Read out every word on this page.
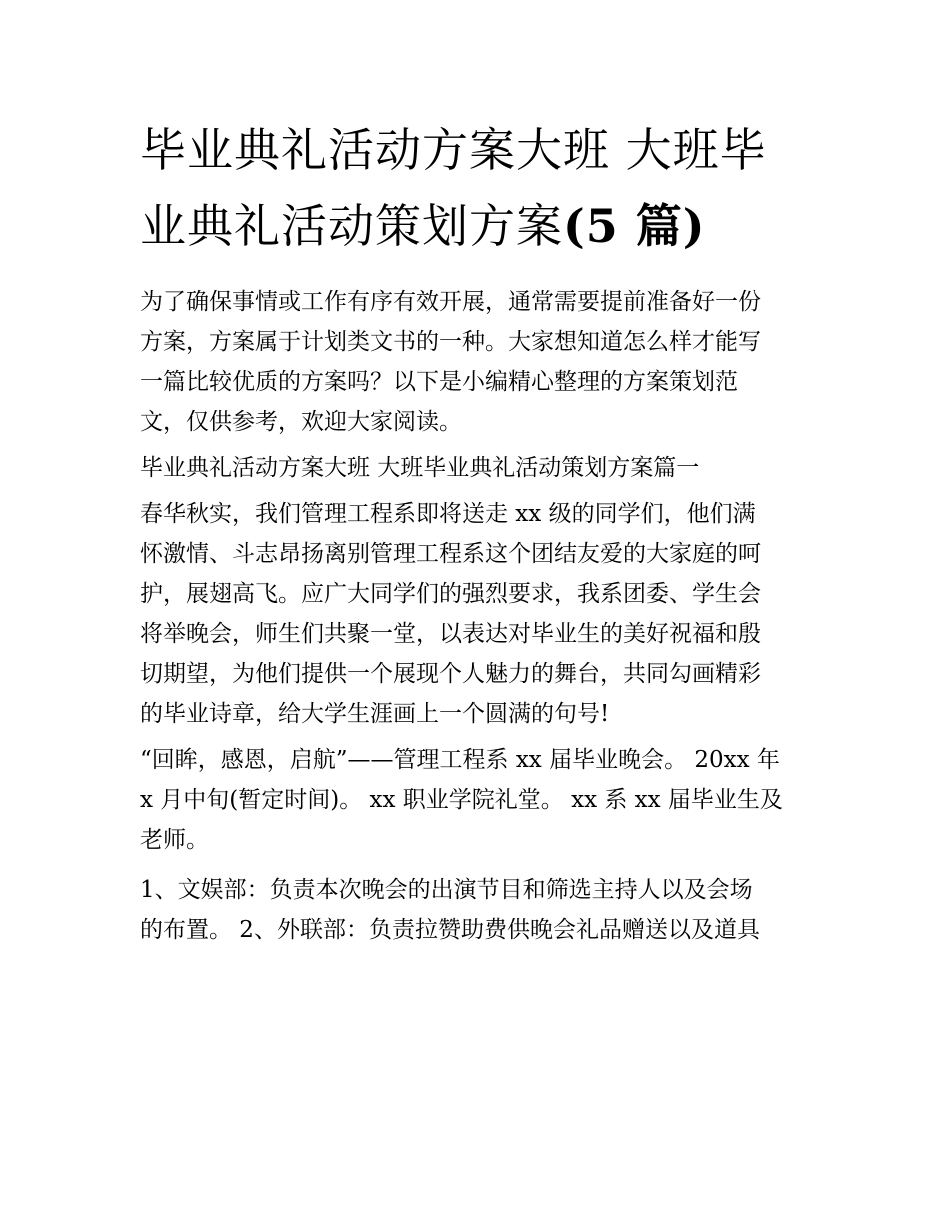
毕业典礼活动方案大班 大班毕
业典礼活动策划方案(5 篇)
为了确保事情或工作有序有效开展，通常需要提前准备好一份
方案，方案属于计划类文书的一种。大家想知道怎么样才能写
一篇比较优质的方案吗？以下是小编精心整理的方案策划范
文，仅供参考，欢迎大家阅读。
毕业典礼活动方案大班 大班毕业典礼活动策划方案篇一
春华秋实，我们管理工程系即将送走 xx 级的同学们，他们满
怀激情、斗志昂扬离别管理工程系这个团结友爱的大家庭的呵
护，展翅高飞。应广大同学们的强烈要求，我系团委、学生会
将举晚会，师生们共聚一堂，以表达对毕业生的美好祝福和殷
切期望，为他们提供一个展现个人魅力的舞台，共同勾画精彩
的毕业诗章，给大学生涯画上一个圆满的句号!
“回眸，感恩，启航”——管理工程系 xx 届毕业晚会。 20xx 年
x 月中旬(暂定时间)。 xx 职业学院礼堂。 xx 系 xx 届毕业生及
老师。
1、文娱部：负责本次晚会的出演节目和筛选主持人以及会场
的布置。 2、外联部：负责拉赞助费供晚会礼品赠送以及道具
